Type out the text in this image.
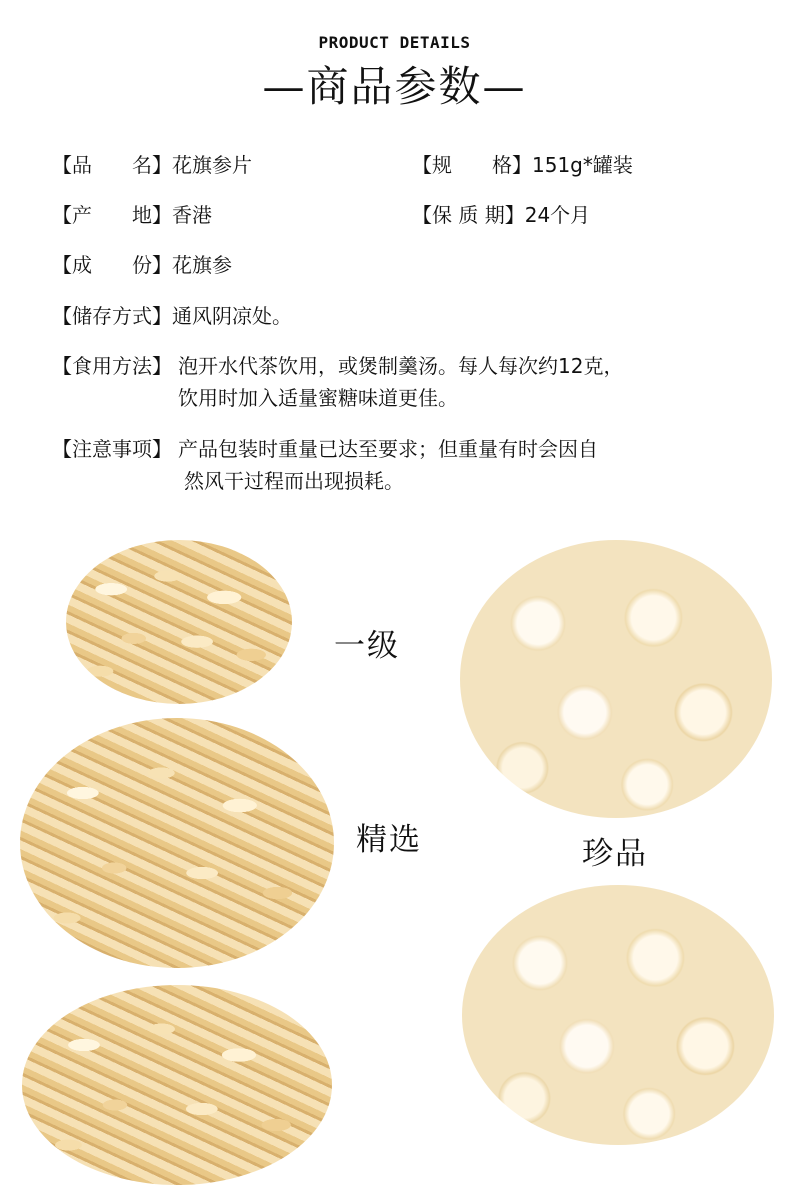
PRODUCT DETAILS
—商品参数—
【品　　名】花旗参片	【规　　格】151g*罐装
【产　　地】香港	【保 质 期】24个月
【成　　份】花旗参
【储存方式】通风阴凉处。
【食用方法】 泡开水代茶饮用，或煲制羹汤。每人每次约12克，
饮用时加入适量蜜糖味道更佳。
【注意事项】 产品包装时重量已达至要求；但重量有时会因自
然风干过程而出现损耗。
一级
精选	珍品
